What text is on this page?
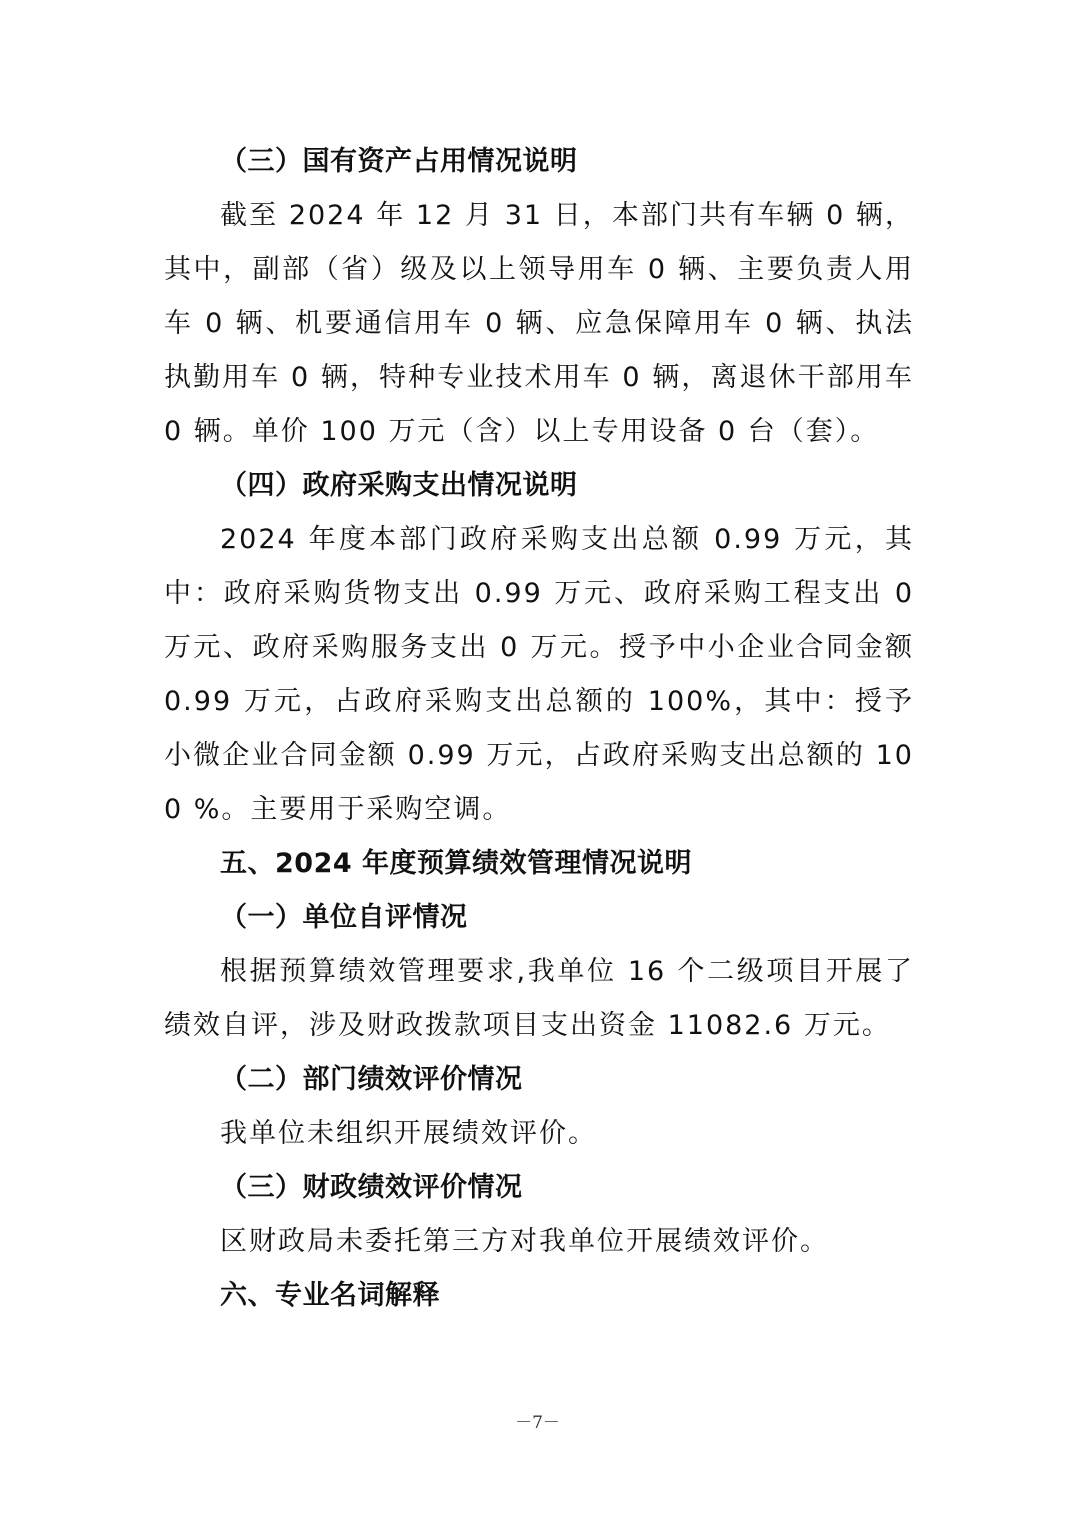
（三）国有资产占用情况说明

截至 2024 年 12 月 31 日，本部门共有车辆 0 辆，其中，副部（省）级及以上领导用车 0 辆、主要负责人用车 0 辆、机要通信用车 0 辆、应急保障用车 0 辆、执法执勤用车 0 辆，特种专业技术用车 0 辆，离退休干部用车 0 辆。单价 100 万元（含）以上专用设备 0 台（套）。

（四）政府采购支出情况说明

2024 年度本部门政府采购支出总额 0.99 万元，其中：政府采购货物支出 0.99 万元、政府采购工程支出 0 万元、政府采购服务支出 0 万元。授予中小企业合同金额 0.99 万元，占政府采购支出总额的 100%，其中：授予小微企业合同金额 0.99 万元，占政府采购支出总额的 100 %。主要用于采购空调。

五、2024 年度预算绩效管理情况说明

（一）单位自评情况

根据预算绩效管理要求,我单位 16 个二级项目开展了绩效自评，涉及财政拨款项目支出资金 11082.6 万元。

（二）部门绩效评价情况

我单位未组织开展绩效评价。

（三）财政绩效评价情况

区财政局未委托第三方对我单位开展绩效评价。

六、专业名词解释

－7－
